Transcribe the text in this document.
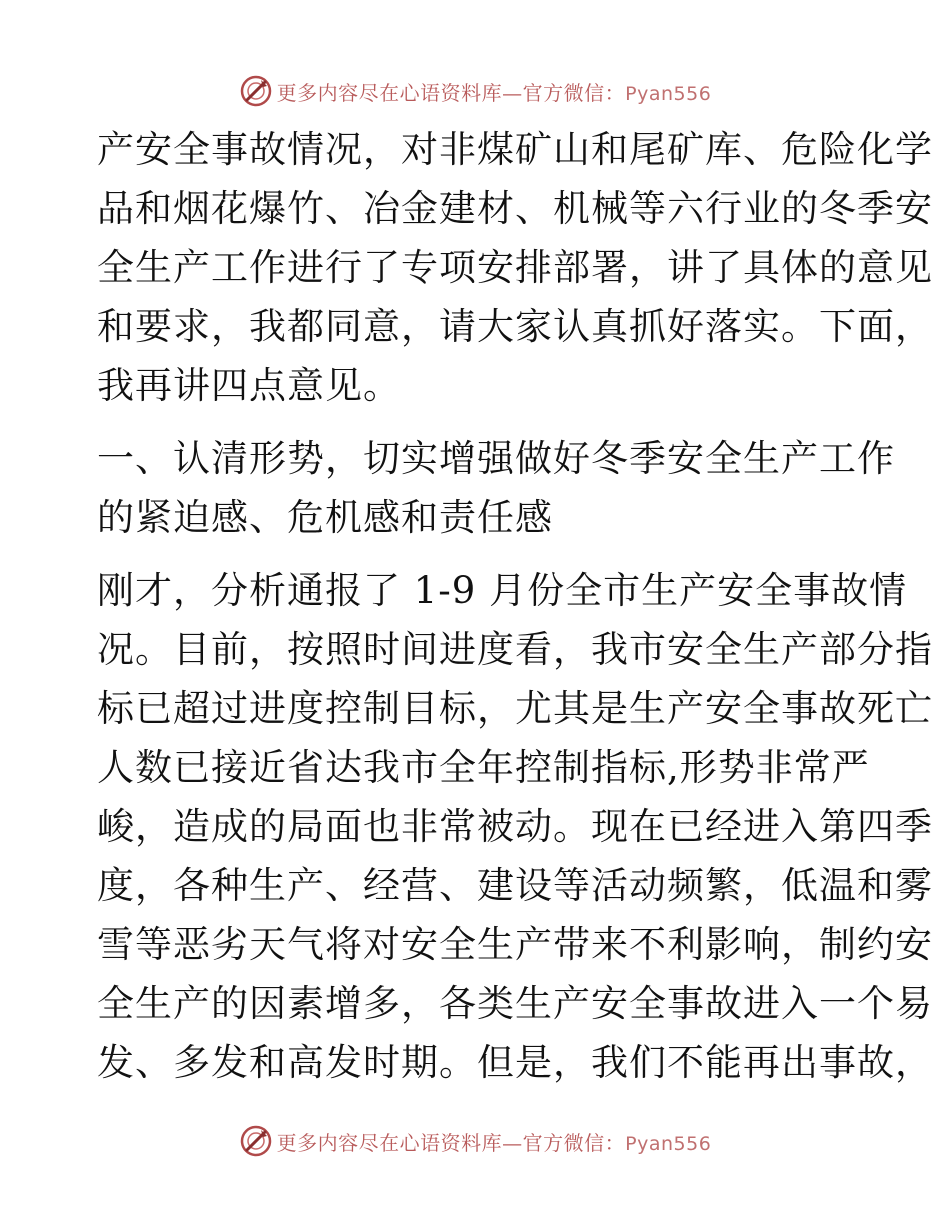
更多内容尽在心语资料库—官方微信：Pyan556
产安全事故情况，对非煤矿山和尾矿库、危险化学
品和烟花爆竹、冶金建材、机械等六行业的冬季安
全生产工作进行了专项安排部署，讲了具体的意见
和要求，我都同意，请大家认真抓好落实。下面，
我再讲四点意见。
一、认清形势，切实增强做好冬季安全生产工作
的紧迫感、危机感和责任感
刚才，分析通报了 1-9 月份全市生产安全事故情
况。目前，按照时间进度看，我市安全生产部分指
标已超过进度控制目标，尤其是生产安全事故死亡
人数已接近省达我市全年控制指标,形势非常严
峻，造成的局面也非常被动。现在已经进入第四季
度，各种生产、经营、建设等活动频繁，低温和雾
雪等恶劣天气将对安全生产带来不利影响，制约安
全生产的因素增多，各类生产安全事故进入一个易
发、多发和高发时期。但是，我们不能再出事故，
更多内容尽在心语资料库—官方微信：Pyan556
